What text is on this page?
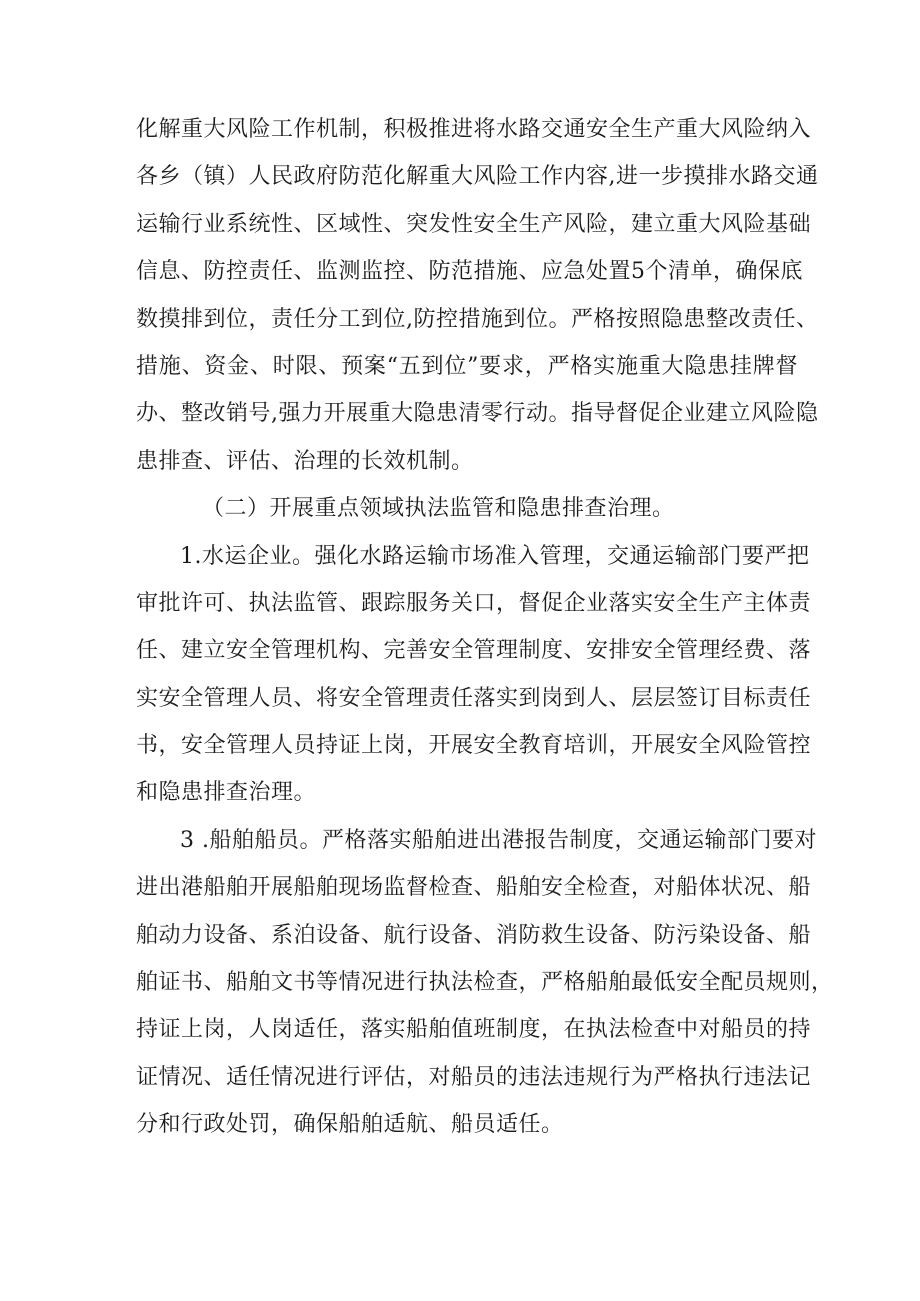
化解重大风险工作机制，积极推进将水路交通安全生产重大风险纳入
各乡（镇）人民政府防范化解重大风险工作内容,进一步摸排水路交通
运输行业系统性、区域性、突发性安全生产风险，建立重大风险基础
信息、防控责任、监测监控、防范措施、应急处置5个清单，确保底
数摸排到位，责任分工到位,防控措施到位。严格按照隐患整改责任、
措施、资金、时限、预案“五到位”要求，严格实施重大隐患挂牌督
办、整改销号,强力开展重大隐患清零行动。指导督促企业建立风险隐
患排查、评估、治理的长效机制。
（二）开展重点领域执法监管和隐患排查治理。
1.水运企业。强化水路运输市场准入管理，交通运输部门要严把
审批许可、执法监管、跟踪服务关口，督促企业落实安全生产主体责
任、建立安全管理机构、完善安全管理制度、安排安全管理经费、落
实安全管理人员、将安全管理责任落实到岗到人、层层签订目标责任
书，安全管理人员持证上岗，开展安全教育培训，开展安全风险管控
和隐患排查治理。
3 .船舶船员。严格落实船舶进出港报告制度，交通运输部门要对
进出港船舶开展船舶现场监督检查、船舶安全检查，对船体状况、船
舶动力设备、系泊设备、航行设备、消防救生设备、防污染设备、船
舶证书、船舶文书等情况进行执法检查，严格船舶最低安全配员规则，
持证上岗，人岗适任，落实船舶值班制度，在执法检查中对船员的持
证情况、适任情况进行评估，对船员的违法违规行为严格执行违法记
分和行政处罚，确保船舶适航、船员适任。
